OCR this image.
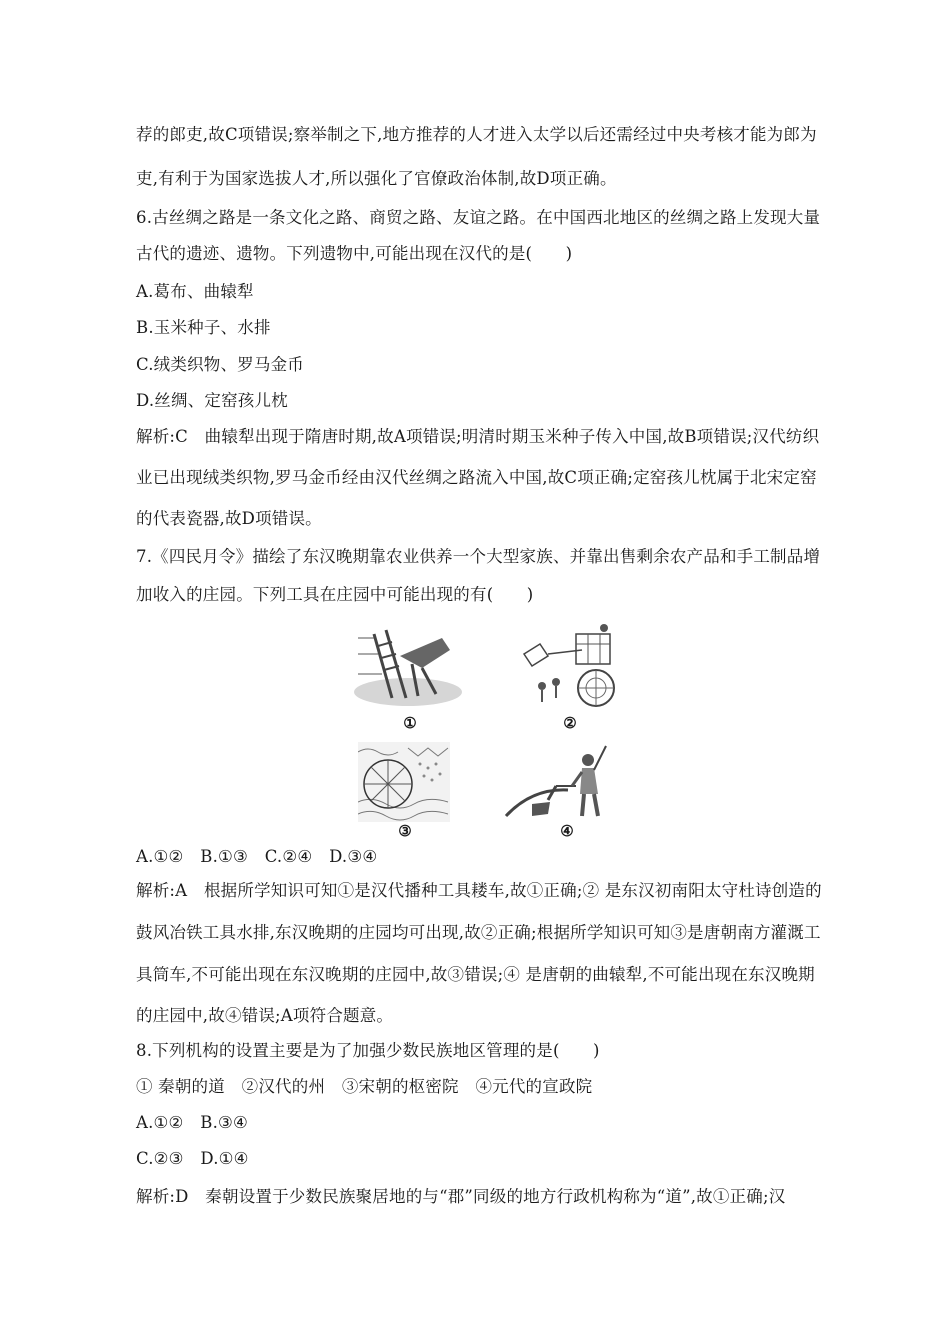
荐的郎吏,故C项错误;察举制之下,地方推荐的人才进入太学以后还需经过中央考核才能为郎为
吏,有利于为国家选拔人才,所以强化了官僚政治体制,故D项正确。
6.古丝绸之路是一条文化之路、商贸之路、友谊之路。在中国西北地区的丝绸之路上发现大量
古代的遗迹、遗物。下列遗物中,可能出现在汉代的是(　　)
A.葛布、曲辕犁
B.玉米种子、水排
C.绒类织物、罗马金币
D.丝绸、定窑孩儿枕
解析:C　曲辕犁出现于隋唐时期,故A项错误;明清时期玉米种子传入中国,故B项错误;汉代纺织
业已出现绒类织物,罗马金币经由汉代丝绸之路流入中国,故C项正确;定窑孩儿枕属于北宋定窑
的代表瓷器,故D项错误。
7.《四民月令》描绘了东汉晚期靠农业供养一个大型家族、并靠出售剩余农产品和手工制品增
加收入的庄园。下列工具在庄园中可能出现的有(　　)
①	②
③	④
A.①②　B.①③　C.②④　D.③④
解析:A　根据所学知识可知①是汉代播种工具耧车,故①正确;② 是东汉初南阳太守杜诗创造的
鼓风冶铁工具水排,东汉晚期的庄园均可出现,故②正确;根据所学知识可知③是唐朝南方灌溉工
具筒车,不可能出现在东汉晚期的庄园中,故③错误;④ 是唐朝的曲辕犁,不可能出现在东汉晚期
的庄园中,故④错误;A项符合题意。
8.下列机构的设置主要是为了加强少数民族地区管理的是(　　)
① 秦朝的道　②汉代的州　③宋朝的枢密院　④元代的宣政院
A.①②　B.③④
C.②③　D.①④
解析:D　秦朝设置于少数民族聚居地的与“郡”同级的地方行政机构称为“道”,故①正确;汉
